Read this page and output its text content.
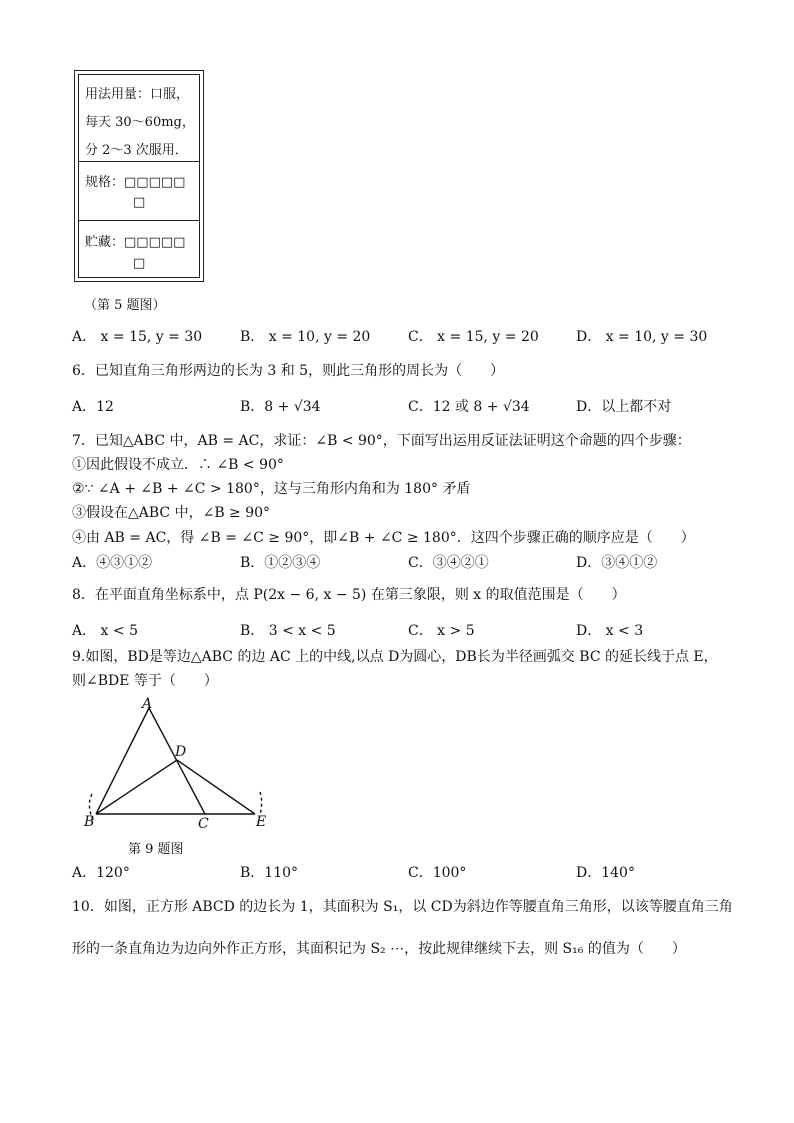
用法用量：口服，
每天 30～60mg，
分 2～3 次服用．
规格：□□□□□
□
贮藏：□□□□□
□
（第 5 题图）
A． x = 15, y = 30	B． x = 10, y = 20	C． x = 15, y = 20	D． x = 10, y = 30
6．已知直角三角形两边的长为 3 和 5，则此三角形的周长为（　　）
A．12	B．8 + √34	C．12 或 8 + √34	D．以上都不对
7．已知△ABC 中，AB = AC，求证：∠B < 90°，下面写出运用反证法证明这个命题的四个步骤：
①因此假设不成立．∴ ∠B < 90°
②∵ ∠A + ∠B + ∠C > 180°，这与三角形内角和为 180° 矛盾
③假设在△ABC 中，∠B ≥ 90°
④由 AB = AC，得 ∠B = ∠C ≥ 90°，即∠B + ∠C ≥ 180°．这四个步骤正确的顺序应是（　　）
A．④③①②	B．①②③④	C．③④②①	D．③④①②
8．在平面直角坐标系中，点 P(2x − 6, x − 5) 在第三象限，则 x 的取值范围是（　　）
A． x < 5	B． 3 < x < 5	C． x > 5	D． x < 3
9.如图，BD是等边△ABC 的边 AC 上的中线,以点 D为圆心，DB长为半径画弧交 BC 的延长线于点 E，
则∠BDE 等于（　　）
A
D
B	C	E
第 9 题图
A．120°	B．110°	C．100°	D．140°
10．如图，正方形 ABCD 的边长为 1，其面积为 S₁，以 CD为斜边作等腰直角三角形，以该等腰直角三角
形的一条直角边为边向外作正方形，其面积记为 S₂ ⋯，按此规律继续下去，则 S₁₆ 的值为（　　）
